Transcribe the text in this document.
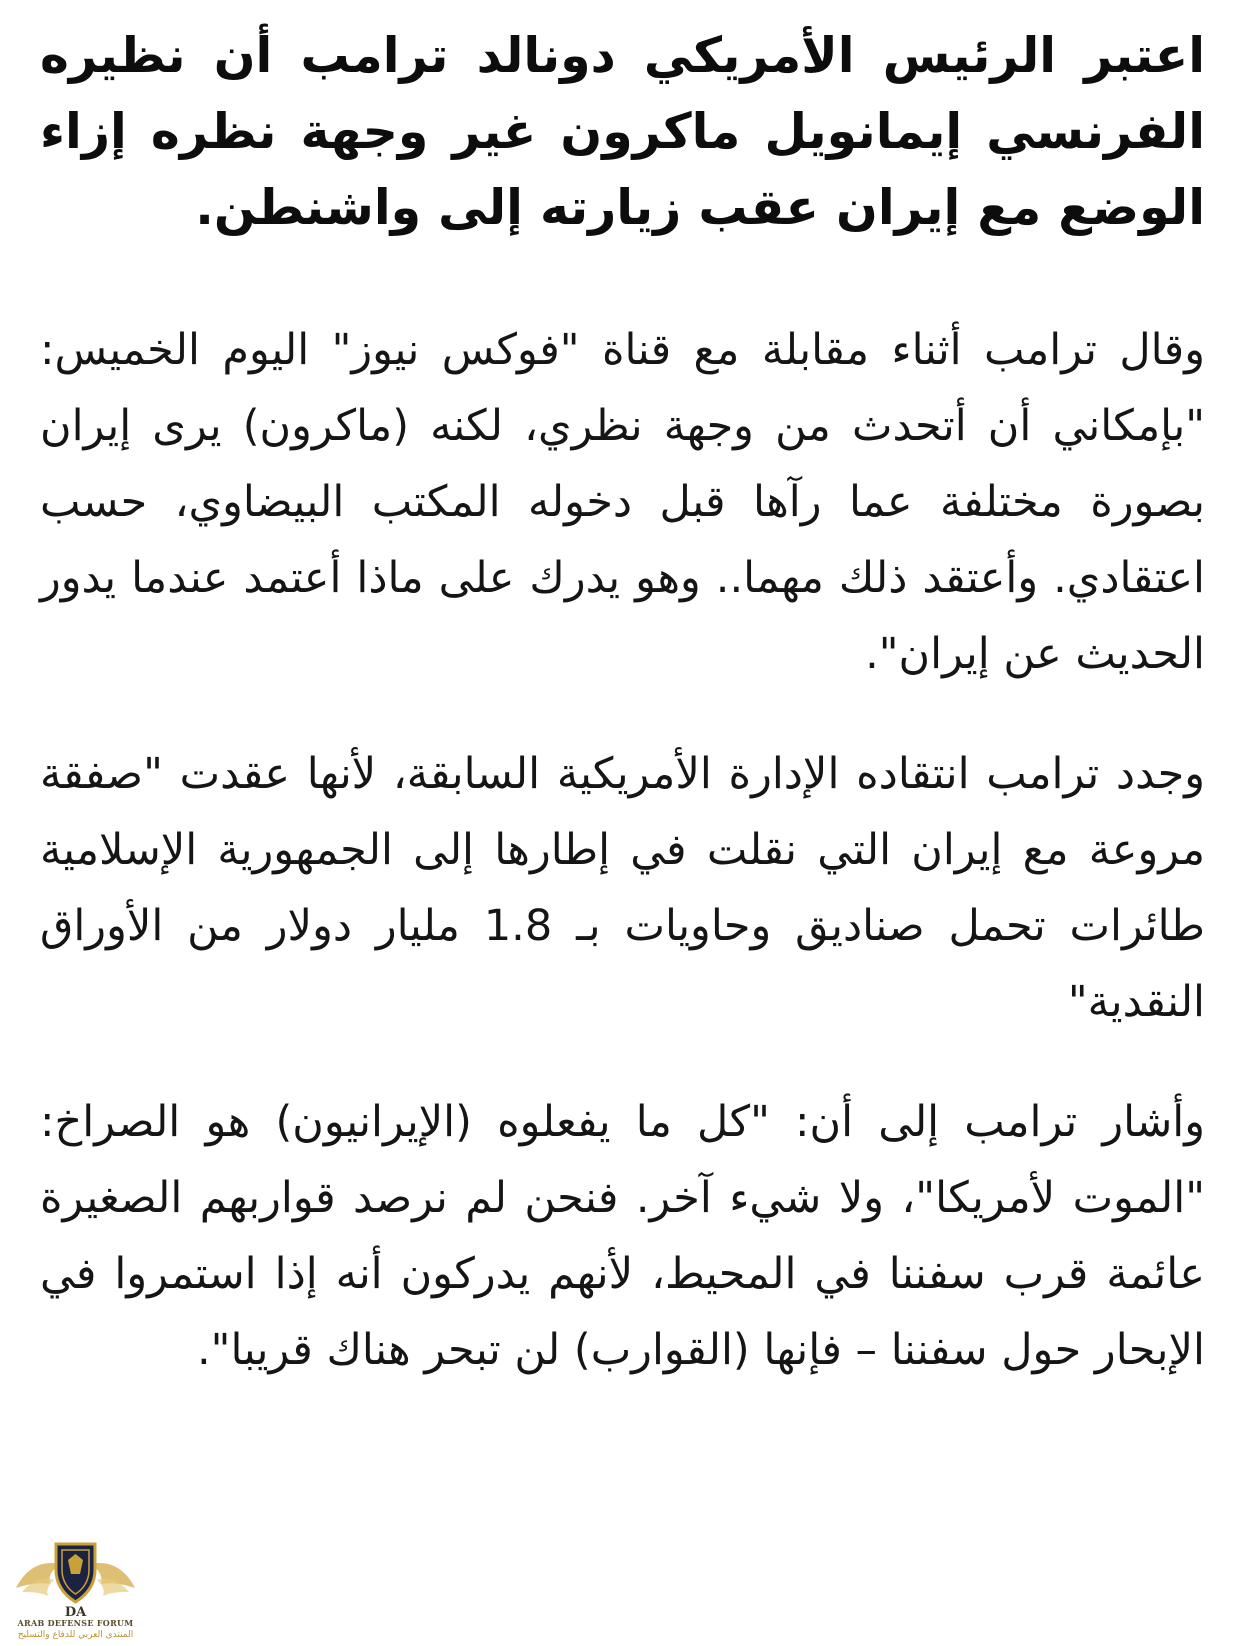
اعتبر الرئيس الأمريكي دونالد ترامب أن نظيره الفرنسي إيمانويل ماكرون غير وجهة نظره إزاء الوضع مع إيران عقب زيارته إلى واشنطن.

وقال ترامب أثناء مقابلة مع قناة "فوكس نيوز" اليوم الخميس: "بإمكاني أن أتحدث من وجهة نظري، لكنه (ماكرون) يرى إيران بصورة مختلفة عما رآها قبل دخوله المكتب البيضاوي، حسب اعتقادي. وأعتقد ذلك مهما.. وهو يدرك على ماذا أعتمد عندما يدور الحديث عن إيران".

وجدد ترامب انتقاده الإدارة الأمريكية السابقة، لأنها عقدت "صفقة مروعة مع إيران التي نقلت في إطارها إلى الجمهورية الإسلامية طائرات تحمل صناديق وحاويات بـ 1.8 مليار دولار من الأوراق النقدية"

وأشار ترامب إلى أن: "كل ما يفعلوه (الإيرانيون) هو الصراخ: "الموت لأمريكا"، ولا شيء آخر. فنحن لم نرصد قواربهم الصغيرة عائمة قرب سفننا في المحيط، لأنهم يدركون أنه إذا استمروا في الإبحار حول سفننا – فإنها (القوارب) لن تبحر هناك قريبا".

DA
ARAB DEFENSE FORUM
المنتدى العربي للدفاع والتسليح
